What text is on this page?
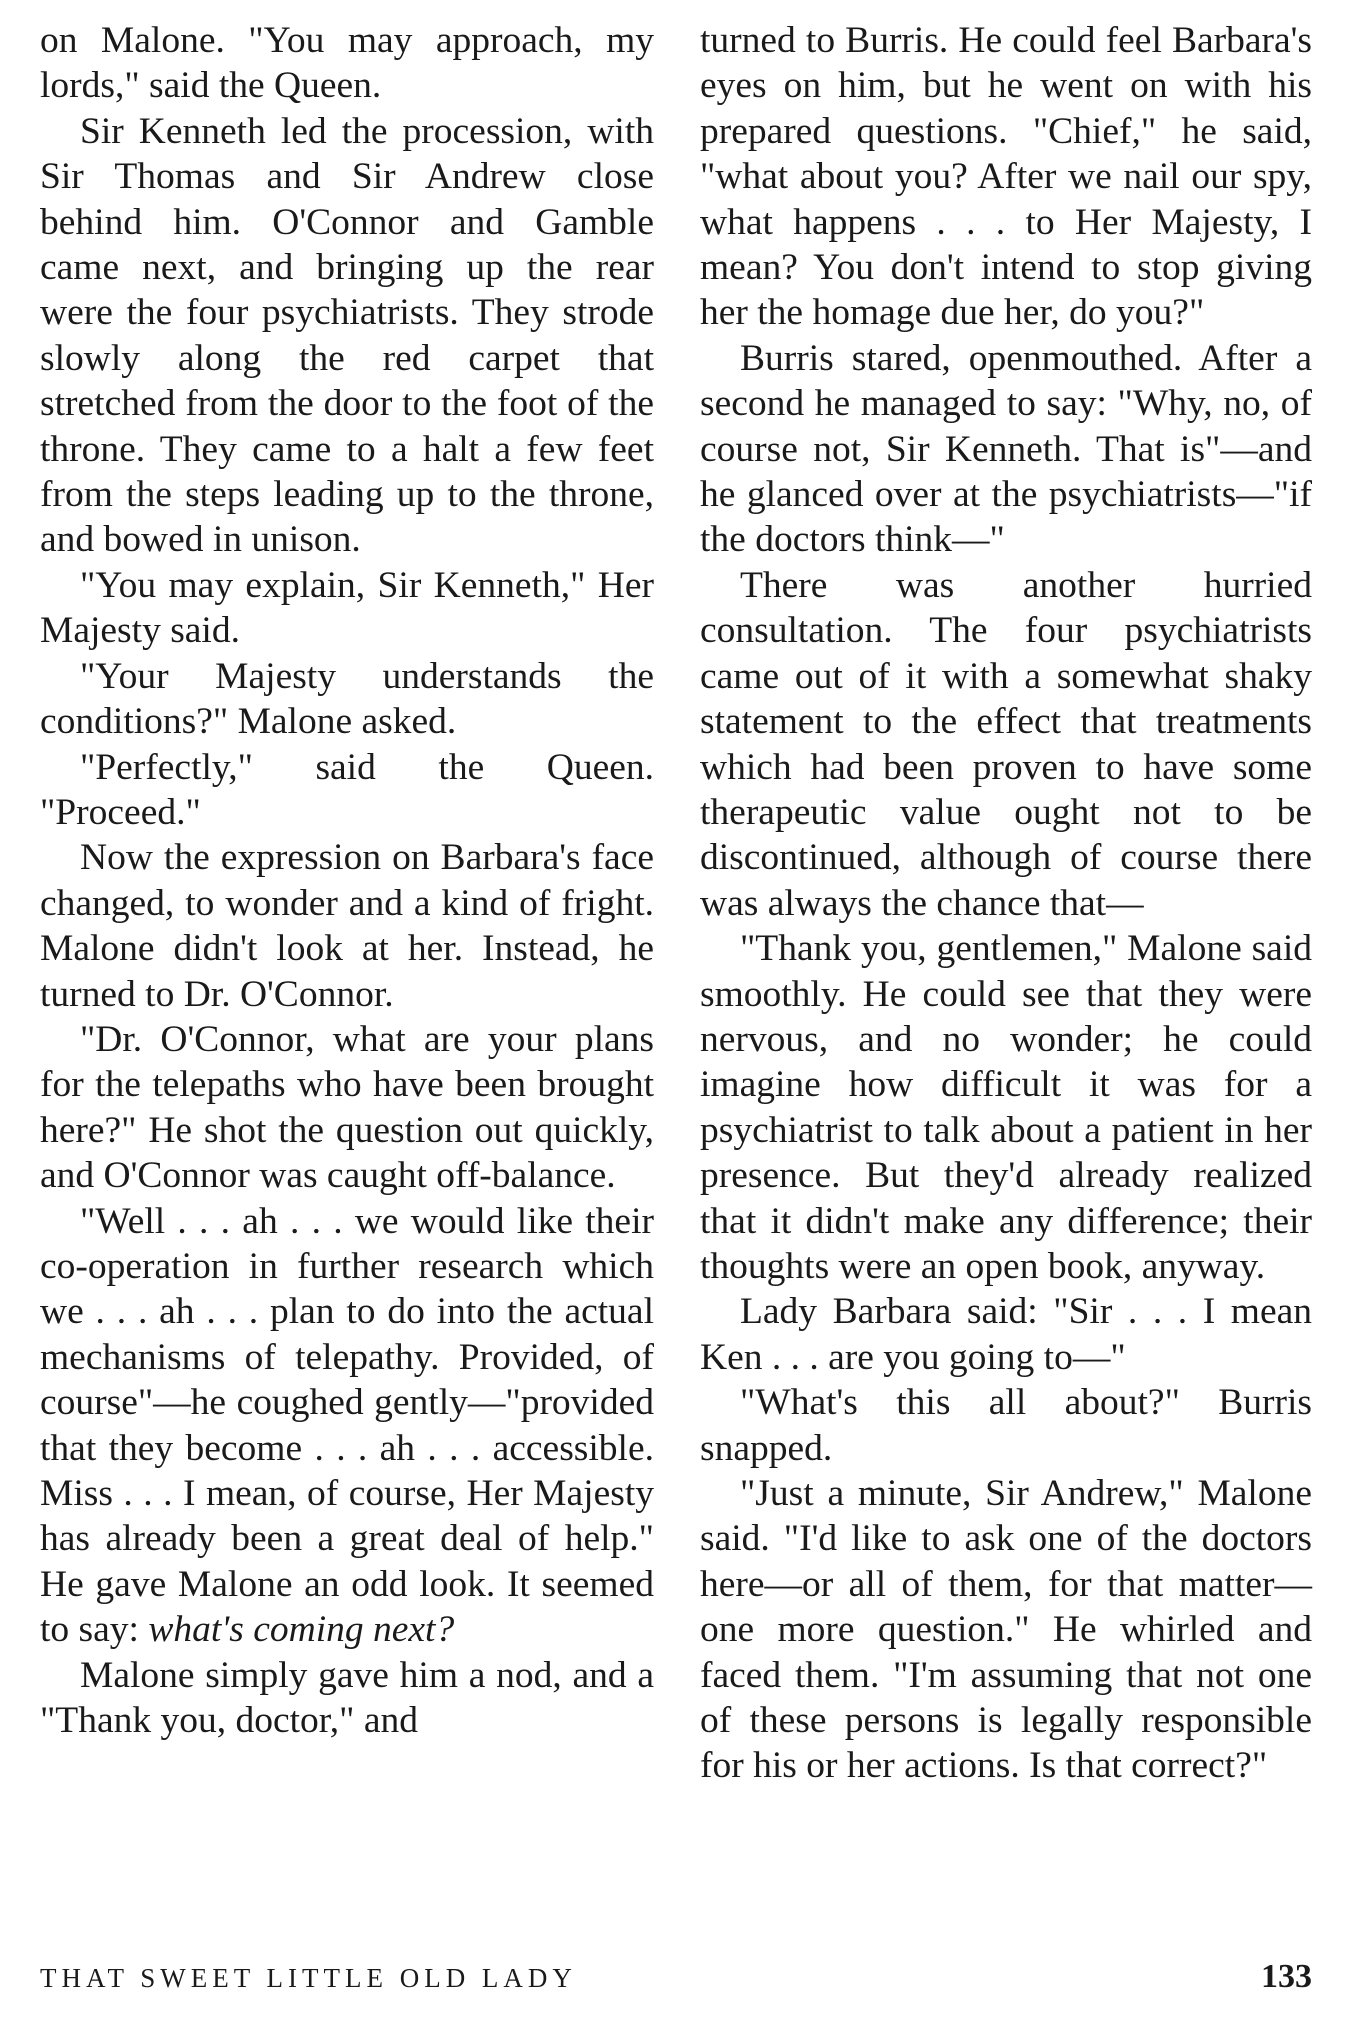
on Malone. "You may approach, my lords," said the Queen.

Sir Kenneth led the procession, with Sir Thomas and Sir Andrew close behind him. O'Connor and Gamble came next, and bringing up the rear were the four psychiatrists. They strode slowly along the red carpet that stretched from the door to the foot of the throne. They came to a halt a few feet from the steps leading up to the throne, and bowed in unison.

"You may explain, Sir Kenneth," Her Majesty said.

"Your Majesty understands the conditions?" Malone asked.

"Perfectly," said the Queen. "Proceed."

Now the expression on Barbara's face changed, to wonder and a kind of fright. Malone didn't look at her. Instead, he turned to Dr. O'Connor.

"Dr. O'Connor, what are your plans for the telepaths who have been brought here?" He shot the question out quickly, and O'Connor was caught off-balance.

"Well . . . ah . . . we would like their co-operation in further research which we . . . ah . . . plan to do into the actual mechanisms of telepathy. Provided, of course"—he coughed gently—"provided that they become . . . ah . . . accessible. Miss . . . I mean, of course, Her Majesty has already been a great deal of help." He gave Malone an odd look. It seemed to say: what's coming next?

Malone simply gave him a nod, and a "Thank you, doctor," and

turned to Burris. He could feel Barbara's eyes on him, but he went on with his prepared questions. "Chief," he said, "what about you? After we nail our spy, what happens . . . to Her Majesty, I mean? You don't intend to stop giving her the homage due her, do you?"

Burris stared, openmouthed. After a second he managed to say: "Why, no, of course not, Sir Kenneth. That is"—and he glanced over at the psychiatrists—"if the doctors think—"

There was another hurried consultation. The four psychiatrists came out of it with a somewhat shaky statement to the effect that treatments which had been proven to have some therapeutic value ought not to be discontinued, although of course there was always the chance that—

"Thank you, gentlemen," Malone said smoothly. He could see that they were nervous, and no wonder; he could imagine how difficult it was for a psychiatrist to talk about a patient in her presence. But they'd already realized that it didn't make any difference; their thoughts were an open book, anyway.

Lady Barbara said: "Sir . . . I mean Ken . . . are you going to—"

"What's this all about?" Burris snapped.

"Just a minute, Sir Andrew," Malone said. "I'd like to ask one of the doctors here—or all of them, for that matter—one more question." He whirled and faced them. "I'm assuming that not one of these persons is legally responsible for his or her actions. Is that correct?"

THAT SWEET LITTLE OLD LADY	133
